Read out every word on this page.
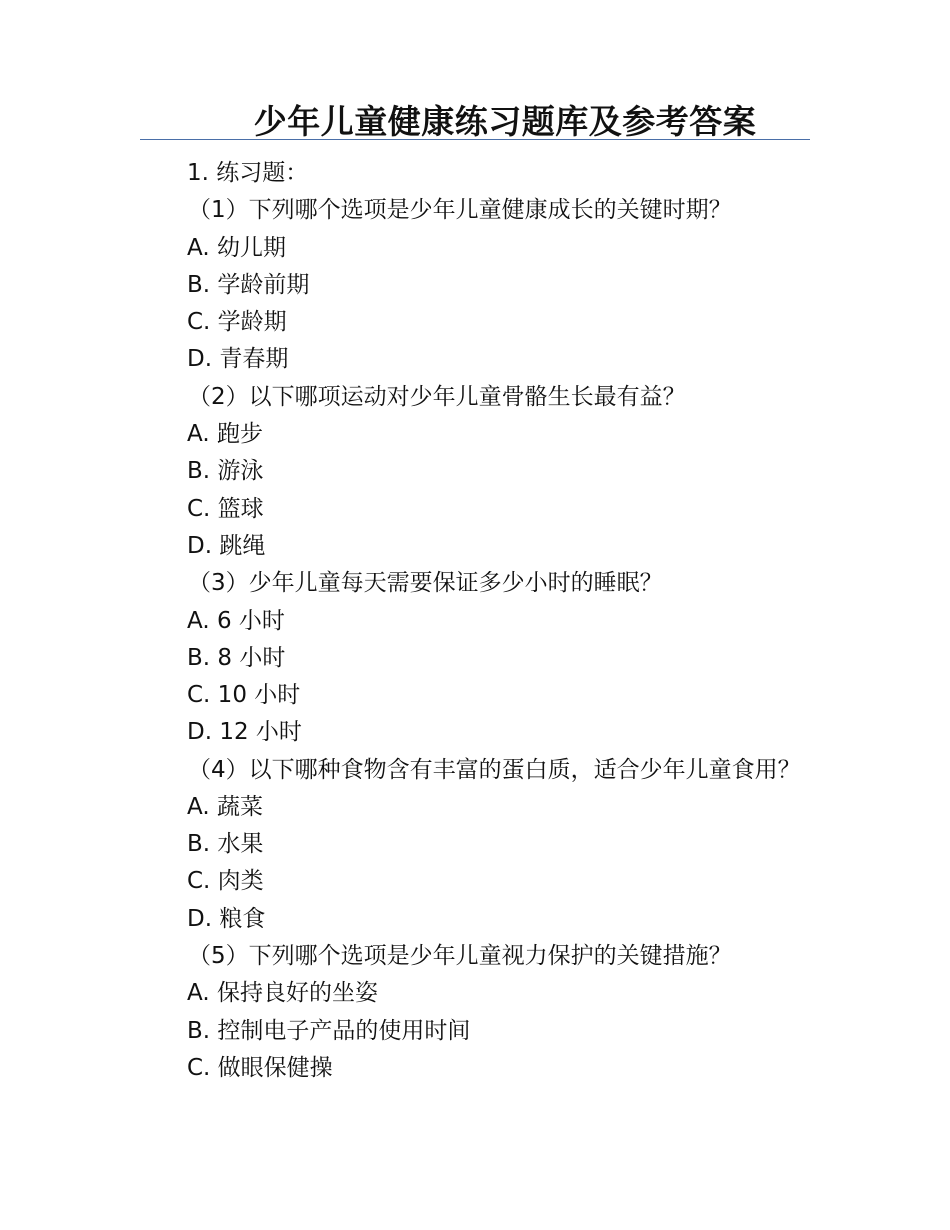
少年儿童健康练习题库及参考答案
1. 练习题：
（1）下列哪个选项是少年儿童健康成长的关键时期？
A. 幼儿期
B. 学龄前期
C. 学龄期
D. 青春期
（2）以下哪项运动对少年儿童骨骼生长最有益？
A. 跑步
B. 游泳
C. 篮球
D. 跳绳
（3）少年儿童每天需要保证多少小时的睡眠？
A. 6 小时
B. 8 小时
C. 10 小时
D. 12 小时
（4）以下哪种食物含有丰富的蛋白质，适合少年儿童食用？
A. 蔬菜
B. 水果
C. 肉类
D. 粮食
（5）下列哪个选项是少年儿童视力保护的关键措施？
A. 保持良好的坐姿
B. 控制电子产品的使用时间
C. 做眼保健操
